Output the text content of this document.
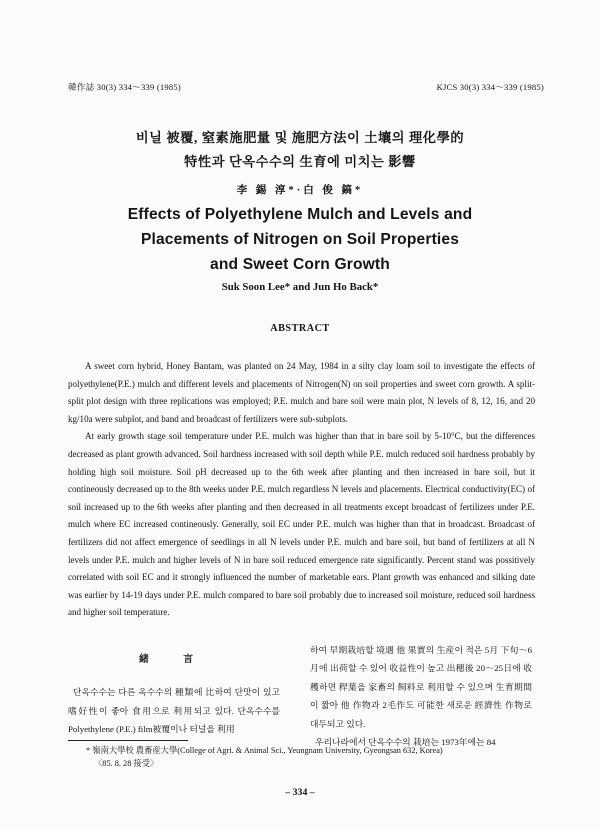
韓作誌 30(3) 334～339 (1985)	KJCS 30(3) 334～339 (1985)
비닐 被覆, 窒素施肥量 및 施肥方法이 土壤의 理化學的
特性과 단옥수수의 生育에 미치는 影響
李 錫 淳*·白 俊 鎬*
Effects of Polyethylene Mulch and Levels and
Placements of Nitrogen on Soil Properties
and Sweet Corn Growth
Suk Soon Lee* and Jun Ho Back*
ABSTRACT

A sweet corn hybrid, Honey Bantam, was planted on 24 May, 1984 in a silty clay loam soil to investigate the effects of polyethylene(P.E.) mulch and different levels and placements of Nitrogen(N) on soil properties and sweet corn growth. A split-split plot design with three replications was employed; P.E. mulch and bare soil were main plot, N levels of 8, 12, 16, and 20 kg/10a were subplot, and band and broadcast of fertilizers were sub-subplots.

At early growth stage soil temperature under P.E. mulch was higher than that in bare soil by 5-10°C, but the differences decreased as plant growth advanced. Soil hardness increased with soil depth while P.E. mulch reduced soil hardness probably by holding high soil moisture. Soil pH decreased up to the 6th week after planting and then increased in bare soil, but it contineously decreased up to the 8th weeks under P.E. mulch regardless N levels and placements. Electrical conductivity(EC) of soil increased up to the 6th weeks after planting and then decreased in all treatments except broadcast of fertilizers under P.E. mulch where EC increased contineously. Generally, soil EC under P.E. mulch was higher than that in broadcast. Broadcast of fertilizers did not affect emergence of seedlings in all N levels under P.E. mulch and bare soil, but band of fertilizers at all N levels under P.E. mulch and higher levels of N in bare soil reduced emergence rate significantly. Percent stand was possitively correlated with soil EC and it strongly influenced the number of marketable ears. Plant growth was enhanced and silking date was earlier by 14-19 days under P.E. mulch compared to bare soil probably due to increased soil moisture, reduced soil hardness and higher soil temperature.

緒 言

단옥수수는 다른 옥수수의 種類에 比하여 단맛이 있고 嗜好性이 좋아 食用으로 利用되고 있다. 단옥수수를 Polyethylene (P.E.) film被覆이나 터널을 利用

하여 早期栽培할 境遇 他 果實의 生産이 적은 5月 下旬～6月에 出荷할 수 있어 收益性이 높고 出穗後 20～25日에 收穫하면 稈葉을 家畜의 飼料로 利用할 수 있으며 生育期間이 짧아 他 作物과 2毛作도 可能한 새로운 經濟性 作物로 대두되고 있다.

우리나라에서 단옥수수의 栽培는 1973年에는 84

* 嶺南大學校 農畜産大學(College of Agri. & Animal Sci., Yeungnam University, Gyeongsan 632, Korea)
〈85. 8. 28 接受〉
– 334 –
